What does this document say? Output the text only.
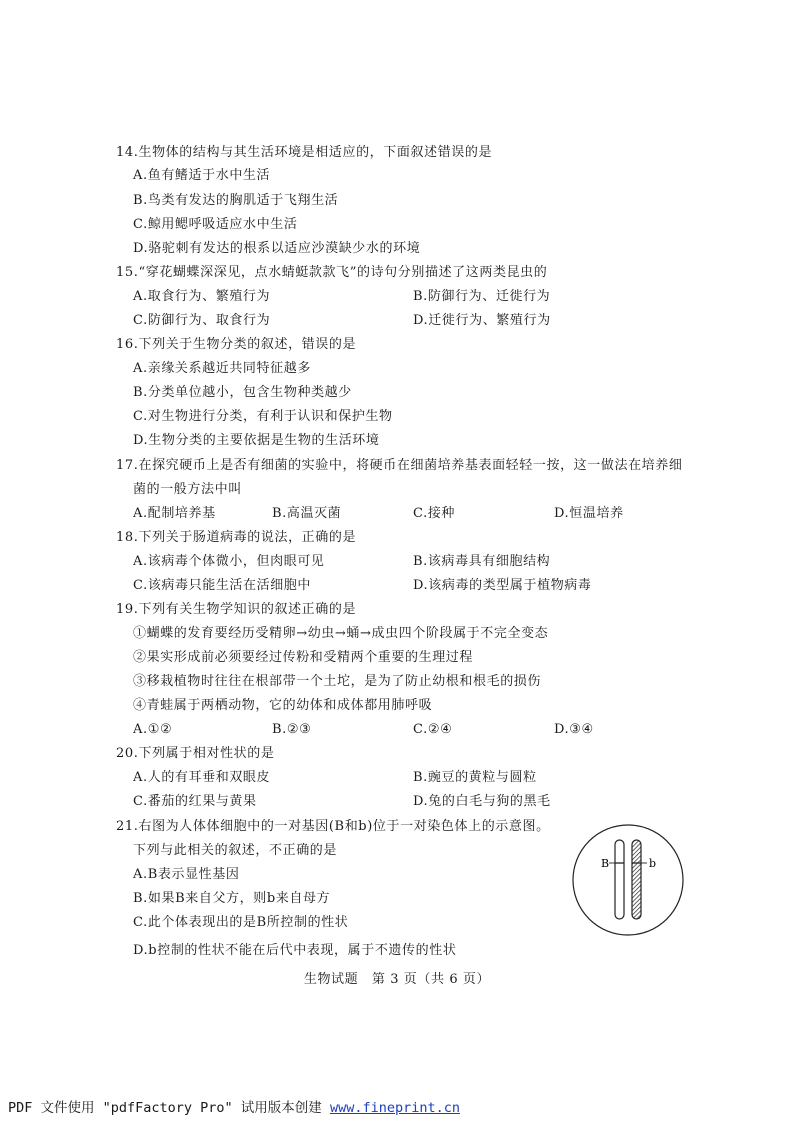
14.生物体的结构与其生活环境是相适应的，下面叙述错误的是
A.鱼有鳍适于水中生活
B.鸟类有发达的胸肌适于飞翔生活
C.鲸用鳃呼吸适应水中生活
D.骆驼刺有发达的根系以适应沙漠缺少水的环境
15.“穿花蝴蝶深深见，点水蜻蜓款款飞”的诗句分别描述了这两类昆虫的
A.取食行为、繁殖行为	B.防御行为、迁徙行为
C.防御行为、取食行为	D.迁徙行为、繁殖行为
16.下列关于生物分类的叙述，错误的是
A.亲缘关系越近共同特征越多
B.分类单位越小，包含生物种类越少
C.对生物进行分类，有利于认识和保护生物
D.生物分类的主要依据是生物的生活环境
17.在探究硬币上是否有细菌的实验中，将硬币在细菌培养基表面轻轻一按，这一做法在培养细
菌的一般方法中叫
A.配制培养基	B.高温灭菌	C.接种	D.恒温培养
18.下列关于肠道病毒的说法，正确的是
A.该病毒个体微小，但肉眼可见	B.该病毒具有细胞结构
C.该病毒只能生活在活细胞中	D.该病毒的类型属于植物病毒
19.下列有关生物学知识的叙述正确的是
①蝴蝶的发育要经历受精卵→幼虫→蛹→成虫四个阶段属于不完全变态
②果实形成前必须要经过传粉和受精两个重要的生理过程
③移栽植物时往往在根部带一个土坨，是为了防止幼根和根毛的损伤
④青蛙属于两栖动物，它的幼体和成体都用肺呼吸
A.①②	B.②③	C.②④	D.③④
20.下列属于相对性状的是
A.人的有耳垂和双眼皮	B.豌豆的黄粒与圆粒
C.番茄的红果与黄果	D.兔的白毛与狗的黑毛
21.右图为人体体细胞中的一对基因(B和b)位于一对染色体上的示意图。
下列与此相关的叙述，不正确的是
A.B表示显性基因
B.如果B来自父方，则b来自母方
C.此个体表现出的是B所控制的性状
D.b控制的性状不能在后代中表现，属于不遗传的性状
B	b
生物试题　第 3 页（共 6 页）
PDF 文件使用 "pdfFactory Pro" 试用版本创建 www.fineprint.cn
